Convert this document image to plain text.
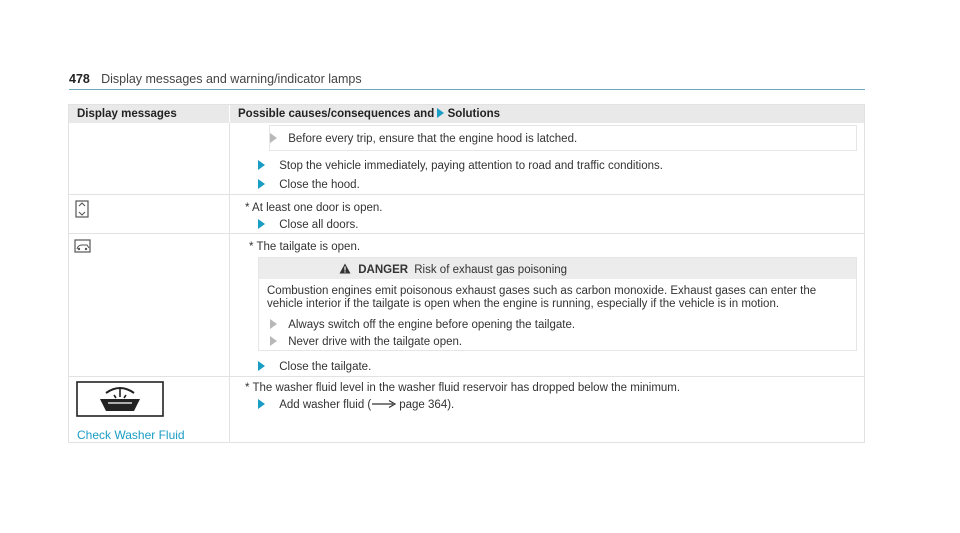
478 Display messages and warning/indicator lamps
Display messages	Possible causes/consequences and Solutions
Before every trip, ensure that the engine hood is latched.
Stop the vehicle immediately, paying attention to road and traffic conditions.
Close the hood.
* At least one door is open.
Close all doors.
* The tailgate is open.
DANGER Risk of exhaust gas poisoning
Combustion engines emit poisonous exhaust gases such as carbon monoxide. Exhaust gases can enter the
vehicle interior if the tailgate is open when the engine is running, especially if the vehicle is in motion.
Always switch off the engine before opening the tailgate.
Never drive with the tailgate open.
Close the tailgate.
Check Washer Fluid
* The washer fluid level in the washer fluid reservoir has dropped below the minimum.
Add washer fluid ( page 364).
